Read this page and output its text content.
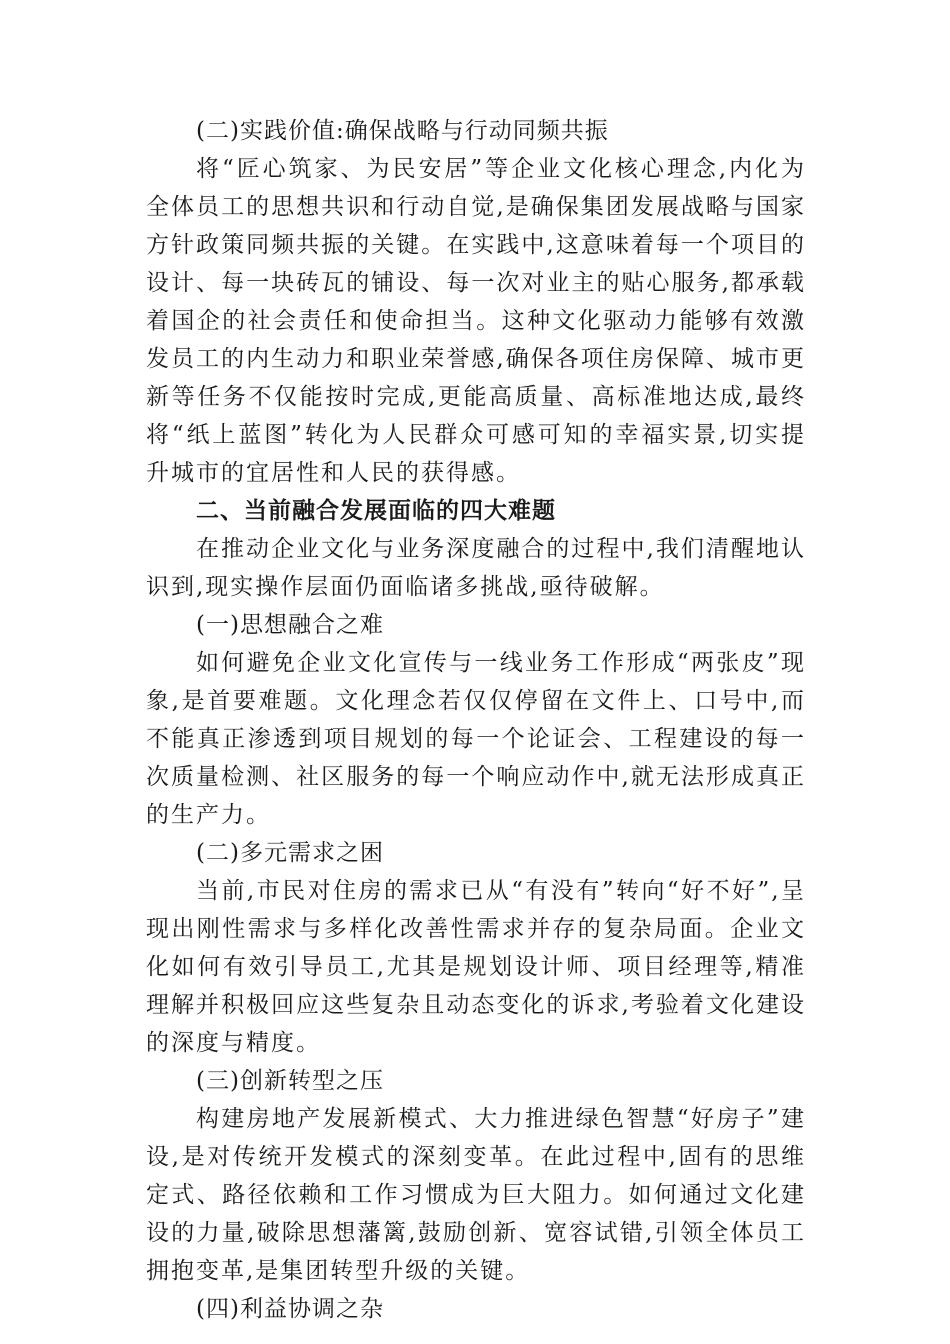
(二)实践价值:确保战略与行动同频共振

将“匠心筑家、为民安居”等企业文化核心理念,内化为全体员工的思想共识和行动自觉,是确保集团发展战略与国家方针政策同频共振的关键。在实践中,这意味着每一个项目的设计、每一块砖瓦的铺设、每一次对业主的贴心服务,都承载着国企的社会责任和使命担当。这种文化驱动力能够有效激发员工的内生动力和职业荣誉感,确保各项住房保障、城市更新等任务不仅能按时完成,更能高质量、高标准地达成,最终将“纸上蓝图”转化为人民群众可感可知的幸福实景,切实提升城市的宜居性和人民的获得感。

二、当前融合发展面临的四大难题

在推动企业文化与业务深度融合的过程中,我们清醒地认识到,现实操作层面仍面临诸多挑战,亟待破解。

(一)思想融合之难

如何避免企业文化宣传与一线业务工作形成“两张皮”现象,是首要难题。文化理念若仅仅停留在文件上、口号中,而不能真正渗透到项目规划的每一个论证会、工程建设的每一次质量检测、社区服务的每一个响应动作中,就无法形成真正的生产力。

(二)多元需求之困

当前,市民对住房的需求已从“有没有”转向“好不好”,呈现出刚性需求与多样化改善性需求并存的复杂局面。企业文化如何有效引导员工,尤其是规划设计师、项目经理等,精准理解并积极回应这些复杂且动态变化的诉求,考验着文化建设的深度与精度。

(三)创新转型之压

构建房地产发展新模式、大力推进绿色智慧“好房子”建设,是对传统开发模式的深刻变革。在此过程中,固有的思维定式、路径依赖和工作习惯成为巨大阻力。如何通过文化建设的力量,破除思想藩篱,鼓励创新、宽容试错,引领全体员工拥抱变革,是集团转型升级的关键。

(四)利益协调之杂
